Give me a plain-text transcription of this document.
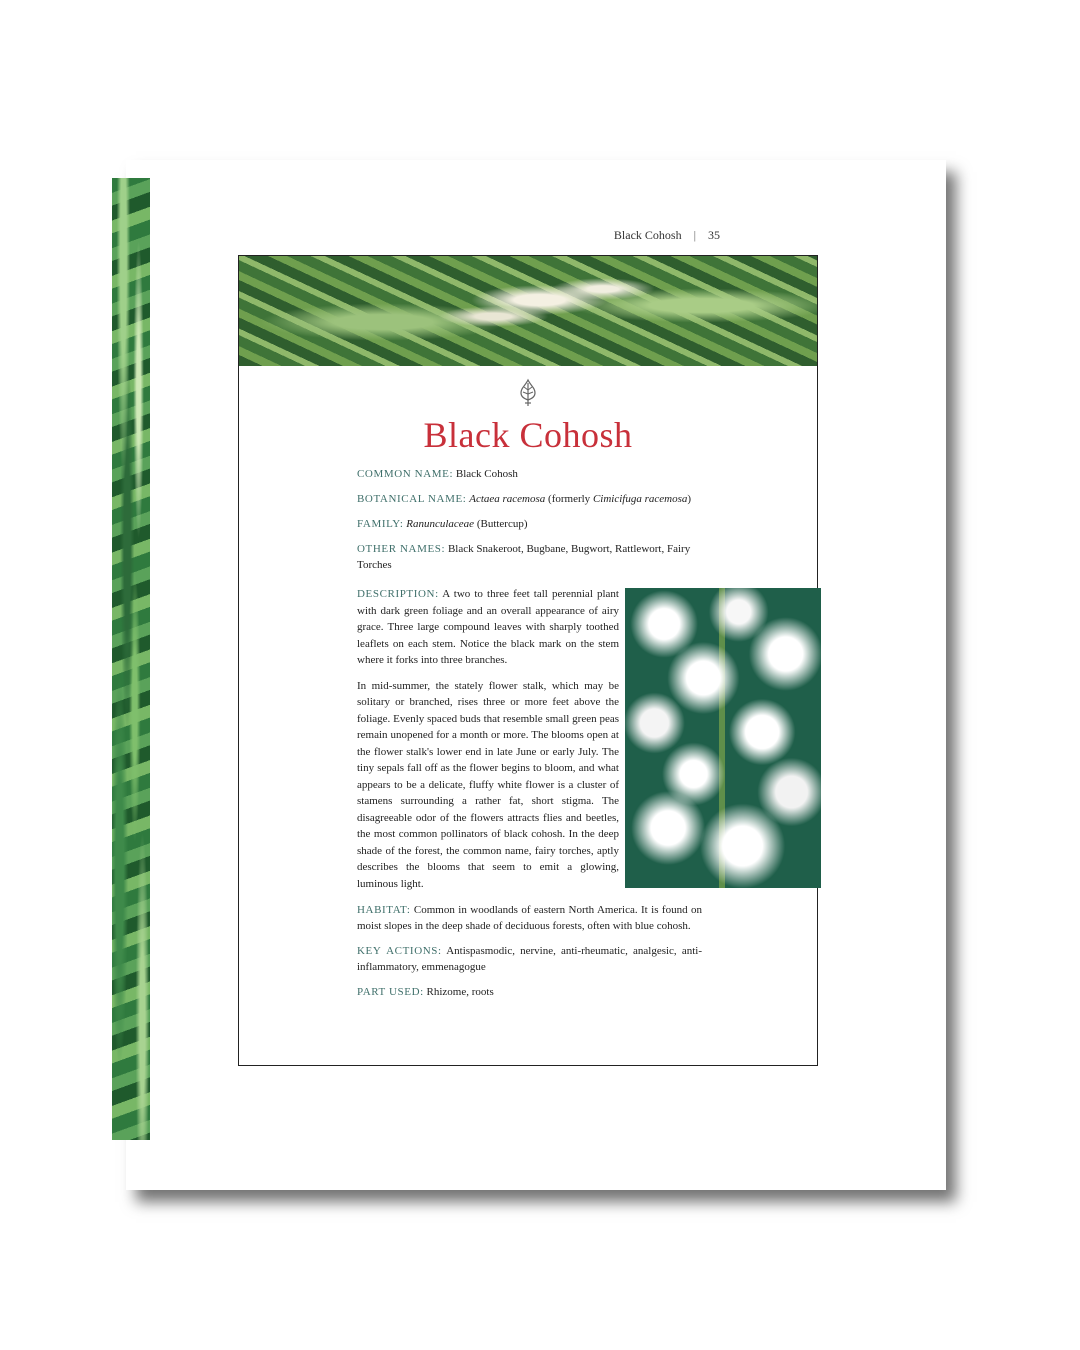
Black Cohosh | 35
Black Cohosh
COMMON NAME: Black Cohosh
BOTANICAL NAME: Actaea racemosa (formerly Cimicifuga racemosa)
FAMILY: Ranunculaceae (Buttercup)
OTHER NAMES: Black Snakeroot, Bugbane, Bugwort, Rattlewort, Fairy Torches

DESCRIPTION: A two to three feet tall perennial plant with dark green foliage and an overall appearance of airy grace. Three large compound leaves with sharply toothed leaflets on each stem. Notice the black mark on the stem where it forks into three branches.

In mid-summer, the stately flower stalk, which may be solitary or branched, rises three or more feet above the foliage. Evenly spaced buds that resemble small green peas remain unopened for a month or more. The blooms open at the flower stalk's lower end in late June or early July. The tiny sepals fall off as the flower begins to bloom, and what appears to be a delicate, fluffy white flower is a cluster of stamens surrounding a rather fat, short stigma. The disagreeable odor of the flowers attracts flies and beetles, the most common pollinators of black cohosh. In the deep shade of the forest, the common name, fairy torches, aptly describes the blooms that seem to emit a glowing, luminous light.

HABITAT: Common in woodlands of eastern North America. It is found on moist slopes in the deep shade of deciduous forests, often with blue cohosh.
KEY ACTIONS: Antispasmodic, nervine, anti-rheumatic, analgesic, anti-inflammatory, emmenagogue
PART USED: Rhizome, roots
